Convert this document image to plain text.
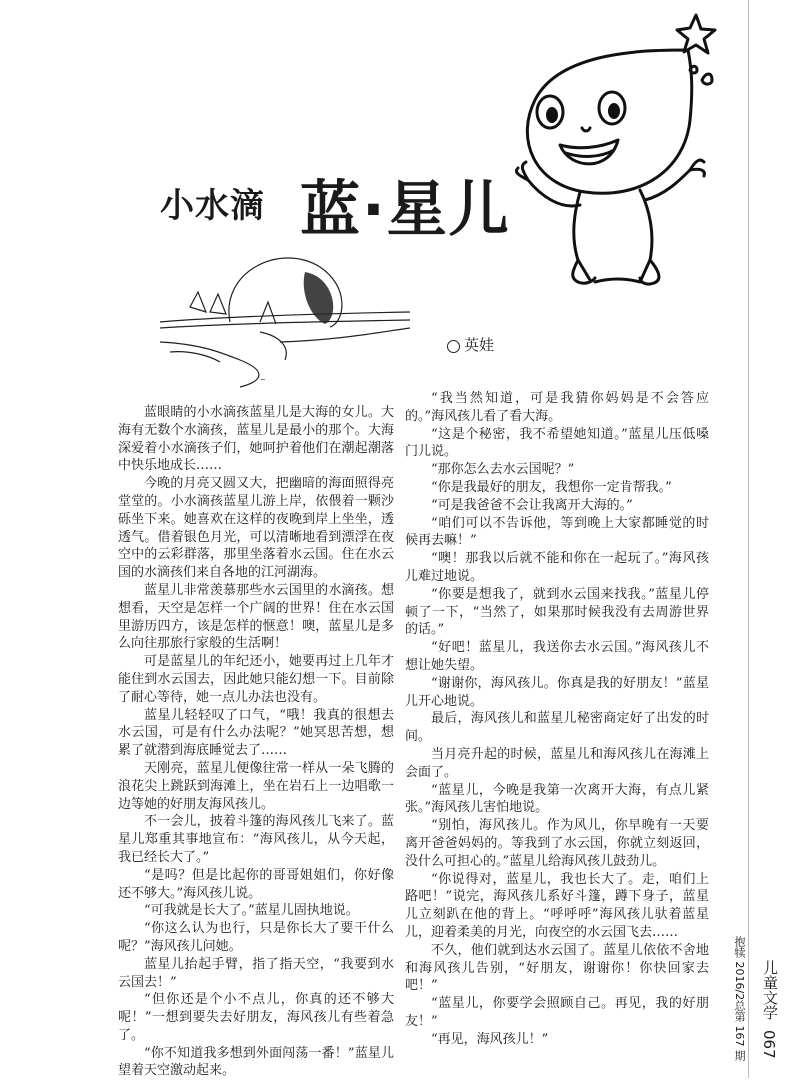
小水滴 蓝·星儿
~
英娃

蓝眼睛的小水滴孩蓝星儿是大海的女儿。大海有无数个水滴孩，蓝星儿是最小的那个。大海深爱着小水滴孩子们，她呵护着他们在潮起潮落中快乐地成长……

今晚的月亮又圆又大，把幽暗的海面照得亮堂堂的。小水滴孩蓝星儿游上岸，依偎着一颗沙砾坐下来。她喜欢在这样的夜晚到岸上坐坐，透透气。借着银色月光，可以清晰地看到漂浮在夜空中的云彩群落，那里坐落着水云国。住在水云国的水滴孩们来自各地的江河湖海。

蓝星儿非常羡慕那些水云国里的水滴孩。想想看，天空是怎样一个广阔的世界！住在水云国里游历四方，该是怎样的惬意！噢，蓝星儿是多么向往那旅行家般的生活啊！

可是蓝星儿的年纪还小，她要再过上几年才能住到水云国去，因此她只能幻想一下。目前除了耐心等待，她一点儿办法也没有。

蓝星儿轻轻叹了口气，“哦！我真的很想去水云国，可是有什么办法呢？”她冥思苦想，想累了就潜到海底睡觉去了……

天刚亮，蓝星儿便像往常一样从一朵飞腾的浪花尖上跳跃到海滩上，坐在岩石上一边唱歌一边等她的好朋友海风孩儿。

不一会儿，披着斗篷的海风孩儿飞来了。蓝星儿郑重其事地宣布：“海风孩儿，从今天起，我已经长大了。”

“是吗？但是比起你的哥哥姐姐们，你好像还不够大。”海风孩儿说。

“可我就是长大了。”蓝星儿固执地说。

“你这么认为也行，只是你长大了要干什么呢？”海风孩儿问她。

蓝星儿抬起手臂，指了指天空，“我要到水云国去！”

“但你还是个小不点儿，你真的还不够大呢！”一想到要失去好朋友，海风孩儿有些着急了。

“你不知道我多想到外面闯荡一番！”蓝星儿望着天空激动起来。

“我当然知道，可是我猜你妈妈是不会答应的。”海风孩儿看了看大海。

“这是个秘密，我不希望她知道。”蓝星儿压低嗓门儿说。

“那你怎么去水云国呢？”

“你是我最好的朋友，我想你一定肯帮我。”

“可是我爸爸不会让我离开大海的。”

“咱们可以不告诉他，等到晚上大家都睡觉的时候再去嘛！”

“噢！那我以后就不能和你在一起玩了。”海风孩儿难过地说。

“你要是想我了，就到水云国来找我。”蓝星儿停顿了一下，“当然了，如果那时候我没有去周游世界的话。”

“好吧！蓝星儿，我送你去水云国。”海风孩儿不想让她失望。

“谢谢你，海风孩儿。你真是我的好朋友！”蓝星儿开心地说。

最后，海风孩儿和蓝星儿秘密商定好了出发的时间。

当月亮升起的时候，蓝星儿和海风孩儿在海滩上会面了。

“蓝星儿，今晚是我第一次离开大海，有点儿紧张。”海风孩儿害怕地说。

“别怕，海风孩儿。作为风儿，你早晚有一天要离开爸爸妈妈的。等我到了水云国，你就立刻返回，没什么可担心的。”蓝星儿给海风孩儿鼓劲儿。

“你说得对，蓝星儿，我也长大了。走，咱们上路吧！”说完，海风孩儿系好斗篷，蹲下身子，蓝星儿立刻趴在他的背上。“呼呼呼”海风孩儿驮着蓝星儿，迎着柔美的月光，向夜空的水云国飞去……

不久，他们就到达水云国了。蓝星儿依依不舍地和海风孩儿告别，“好朋友，谢谢你！你快回家去吧！”

“蓝星儿，你要学会照顾自己。再见，我的好朋友！”

“再见，海风孩儿！”

抱犊 2016/2
总第 167 期
儿童文学
067
